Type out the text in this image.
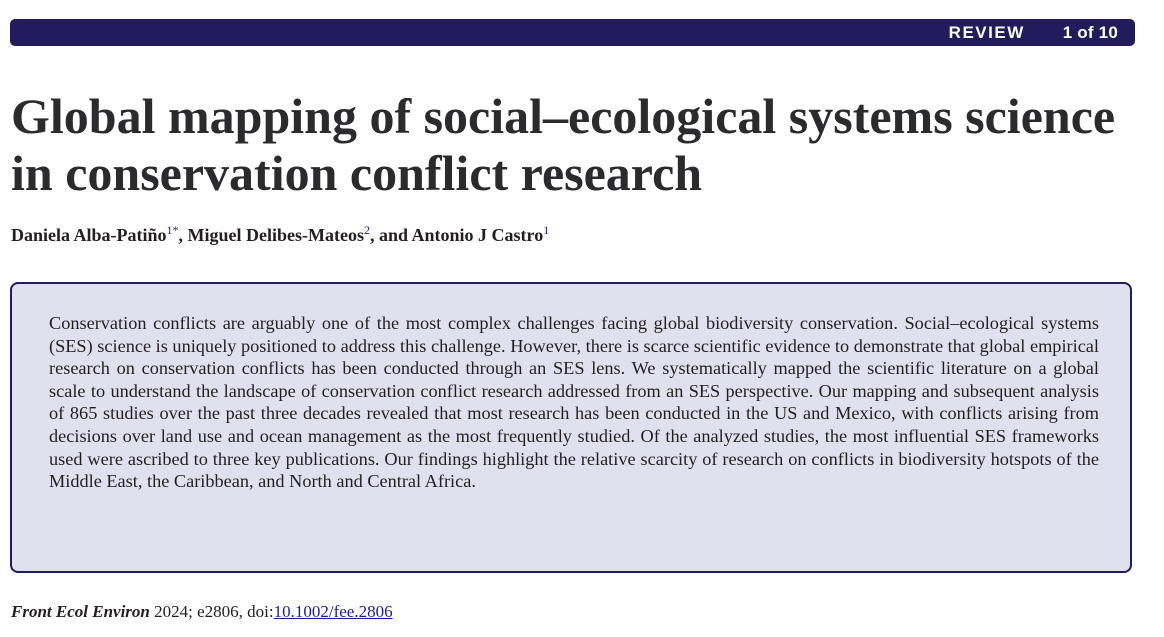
REVIEW 1 of 10
Global mapping of social–ecological systems science in conservation conflict research

Daniela Alba-Patiño$^{1*}$, Miguel Delibes-Mateos$^2$, and Antonio J Castro$^1$

Conservation conflicts are arguably one of the most complex challenges facing global biodiversity conservation. Social–ecological systems (SES) science is uniquely positioned to address this challenge. However, there is scarce scientific evidence to demonstrate that global empirical research on conservation conflicts has been conducted through an SES lens. We systematically mapped the scientific literature on a global scale to understand the landscape of conservation conflict research addressed from an SES perspective. Our mapping and subsequent analysis of 865 studies over the past three decades revealed that most research has been conducted in the US and Mexico, with conflicts arising from decisions over land use and ocean management as the most frequently studied. Of the analyzed studies, the most influential SES frameworks used were ascribed to three key publications. Our findings highlight the relative scarcity of research on conflicts in biodiversity hotspots of the Middle East, the Caribbean, and North and Central Africa.

Front Ecol Environ 2024; e2806, doi:10.1002/fee.2806
